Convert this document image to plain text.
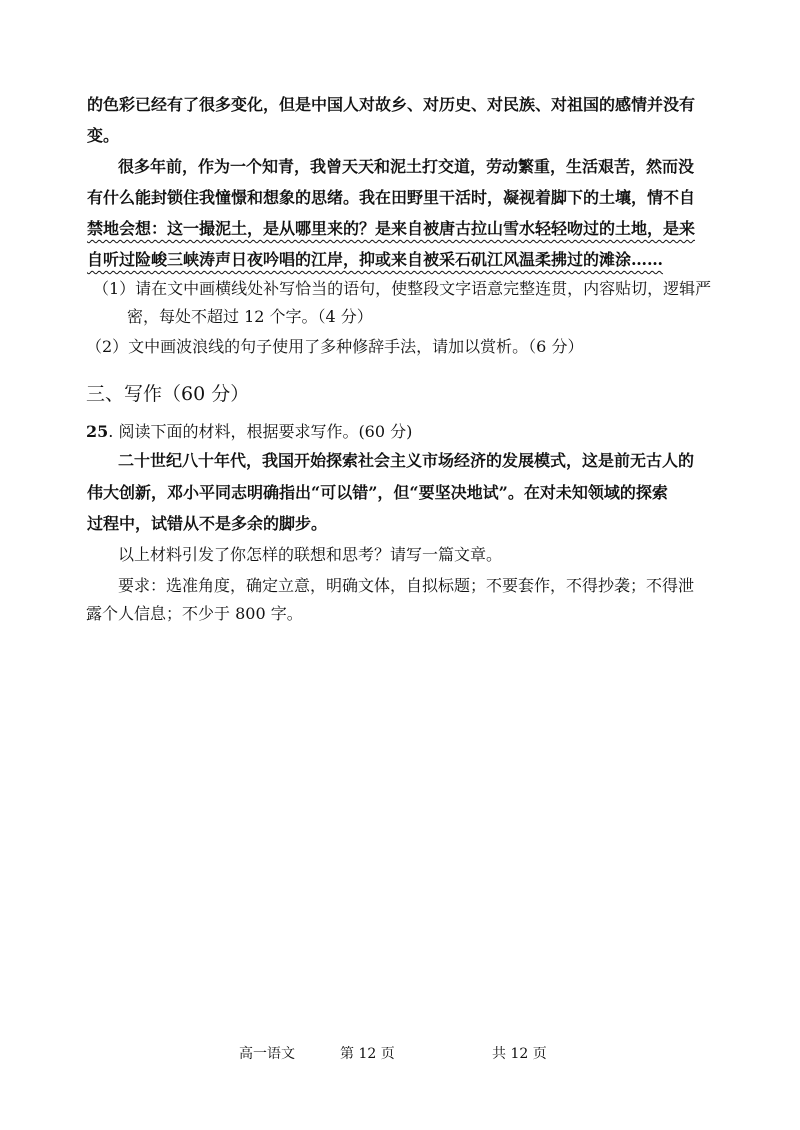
的色彩已经有了很多变化，但是中国人对故乡、对历史、对民族、对祖国的感情并没有
变。
很多年前，作为一个知青，我曾天天和泥土打交道，劳动繁重，生活艰苦，然而没
有什么能封锁住我憧憬和想象的思绪。我在田野里干活时，凝视着脚下的土壤，情不自
禁地会想：这一撮泥土，是从哪里来的？是来自被唐古拉山雪水轻轻吻过的土地，是来
自听过险峻三峡涛声日夜吟唱的江岸，抑或来自被采石矶江风温柔拂过的滩涂……
（1）请在文中画横线处补写恰当的语句，使整段文字语意完整连贯，内容贴切，逻辑严
密，每处不超过 12 个字。（4 分）
（2）文中画波浪线的句子使用了多种修辞手法，请加以赏析。（6 分）
三、写作（60 分）
25. 阅读下面的材料，根据要求写作。(60 分)
二十世纪八十年代，我国开始探索社会主义市场经济的发展模式，这是前无古人的
伟大创新，邓小平同志明确指出“可以错”，但“要坚决地试”。在对未知领域的探索
过程中，试错从不是多余的脚步。
以上材料引发了你怎样的联想和思考？请写一篇文章。
要求：选准角度，确定立意，明确文体，自拟标题；不要套作，不得抄袭；不得泄
露个人信息；不少于 800 字。
高一语文	第 12 页	共 12 页
